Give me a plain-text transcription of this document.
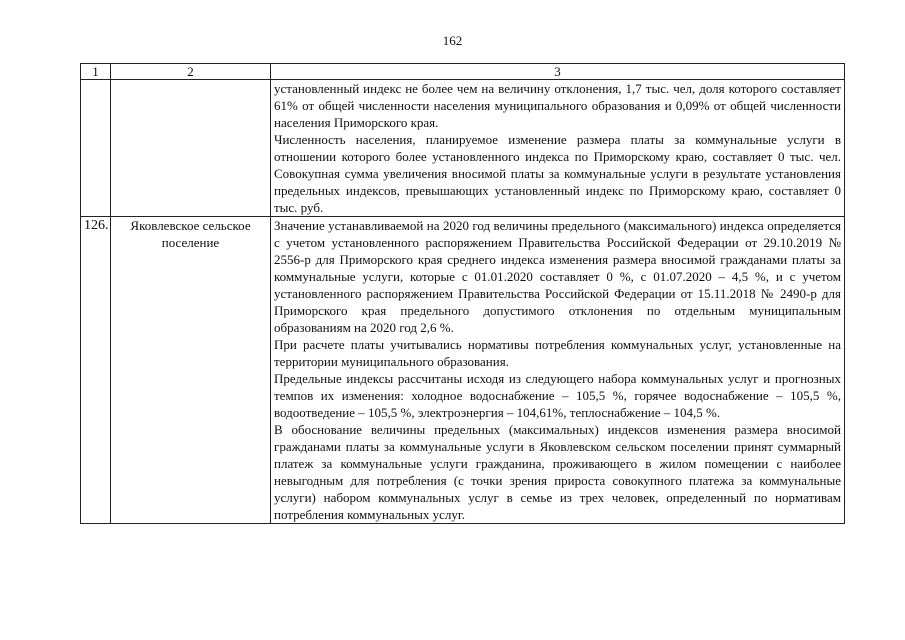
162
1	2	3

		установленный индекс не более чем на величину отклонения, 1,7 тыс. чел, доля которого составляет 61% от общей численности населения муниципального образования и 0,09% от общей численности населения Приморского края.

Численность населения, планируемое изменение размера платы за коммунальные услуги в отношении которого более установленного индекса по Приморскому краю, составляет 0 тыс. чел. Совокупная сумма увеличения вносимой платы за коммунальные услуги в результате установления предельных индексов, превышающих установленный индекс по Приморскому краю, составляет 0 тыс. руб.

126.	Яковлевское сельское поселение	Значение устанавливаемой на 2020 год величины предельного (максимального) индекса определяется с учетом установленного распоряжением Правительства Российской Федерации от 29.10.2019 № 2556-р для Приморского края среднего индекса изменения размера вносимой гражданами платы за коммунальные услуги, которые с 01.01.2020 составляет 0 %, с 01.07.2020 – 4,5 %, и с учетом установленного распоряжением Правительства Российской Федерации от 15.11.2018 № 2490-р для Приморского края предельного допустимого отклонения по отдельным муниципальным образованиям на 2020 год 2,6 %.

При расчете платы учитывались нормативы потребления коммунальных услуг, установленные на территории муниципального образования.

Предельные индексы рассчитаны исходя из следующего набора коммунальных услуг и прогнозных темпов их изменения: холодное водоснабжение – 105,5 %, горячее водоснабжение – 105,5 %, водоотведение – 105,5 %, электроэнергия – 104,61%, теплоснабжение – 104,5 %.

В обоснование величины предельных (максимальных) индексов изменения размера вносимой гражданами платы за коммунальные услуги в Яковлевском сельском поселении принят суммарный платеж за коммунальные услуги гражданина, проживающего в жилом помещении с наиболее невыгодным для потребления (с точки зрения прироста совокупного платежа за коммунальные услуги) набором коммунальных услуг в семье из трех человек, определенный по нормативам потребления коммунальных услуг.
